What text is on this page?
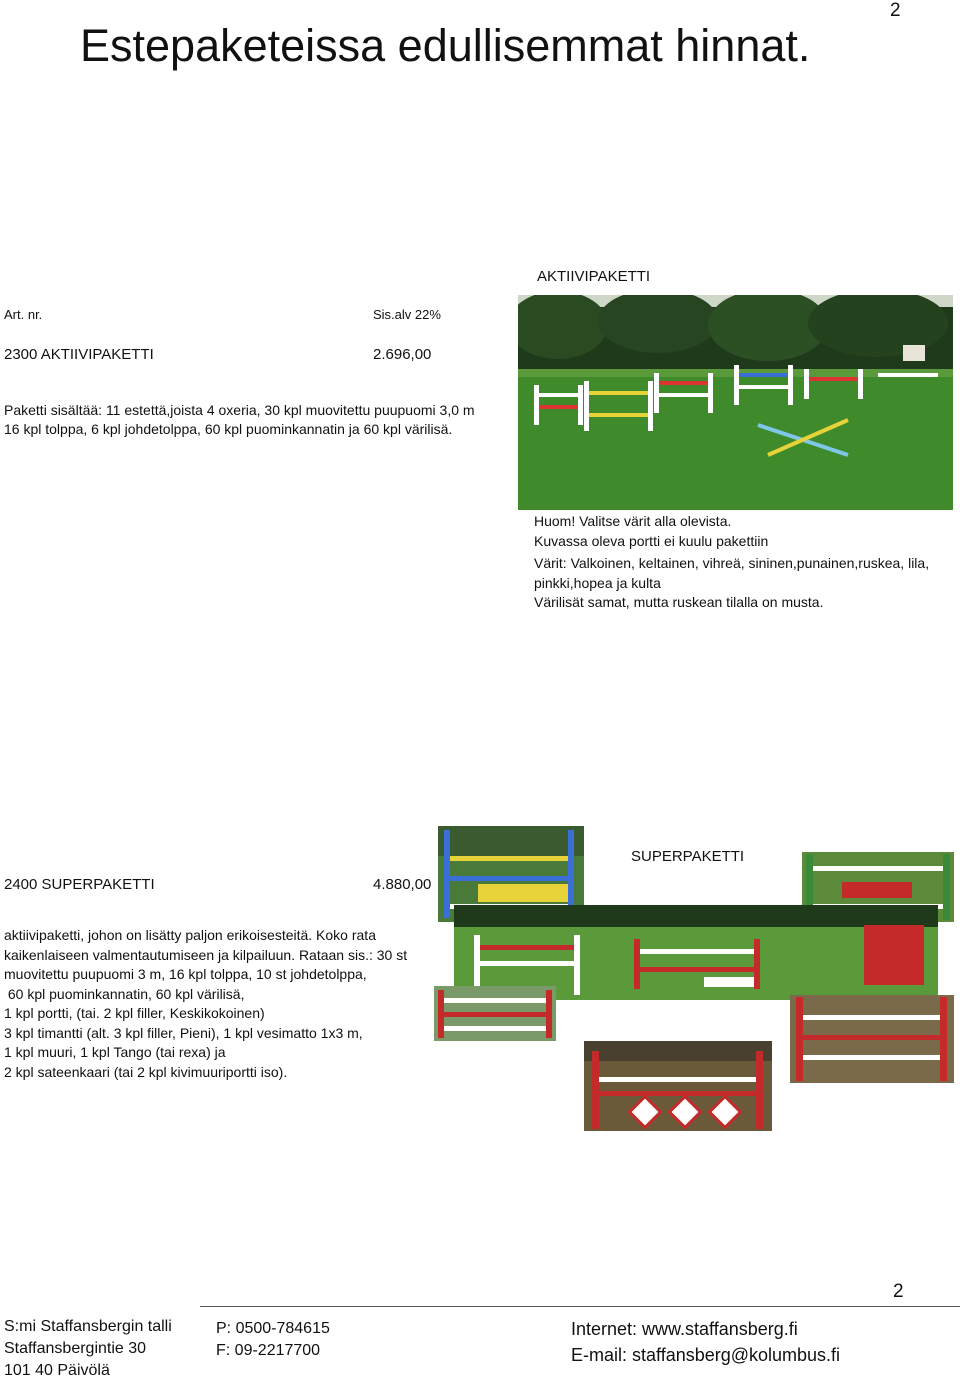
2
Estepaketeissa edullisemmat hinnat.
AKTIIVIPAKETTI
Art. nr.	Sis.alv 22%
2300 AKTIIVIPAKETTI	2.696,00
Paketti sisältää: 11 estettä,joista 4 oxeria, 30 kpl muovitettu puupuomi 3,0 m
16 kpl tolppa, 6 kpl johdetolppa, 60 kpl puominkannatin ja 60 kpl värilisä.
Huom! Valitse värit alla olevista.
Kuvassa oleva portti ei kuulu pakettiin
Värit: Valkoinen, keltainen, vihreä, sininen,punainen,ruskea, lila,
pinkki,hopea ja kulta
Värilisät samat, mutta ruskean tilalla on musta.
SUPERPAKETTI
2400 SUPERPAKETTI	4.880,00
aktiivipaketti, johon on lisätty paljon erikoisesteitä. Koko rata
kaikenlaiseen valmentautumiseen ja kilpailuun. Rataan sis.: 30 st
muovitettu puupuomi 3 m, 16 kpl tolppa, 10 st johdetolppa,
60 kpl puominkannatin, 60 kpl värilisä,
1 kpl portti, (tai. 2 kpl filler, Keskikokoinen)
3 kpl timantti (alt. 3 kpl filler, Pieni), 1 kpl vesimatto 1x3 m,
1 kpl muuri, 1 kpl Tango (tai rexa) ja
2 kpl sateenkaari (tai 2 kpl kivimuuriportti iso).
2
S:mi Staffansbergin talli
Staffansbergintie 30
101 40 Päivölä
P: 0500-784615
F: 09-2217700
Internet: www.staffansberg.fi
E-mail: staffansberg@kolumbus.fi
